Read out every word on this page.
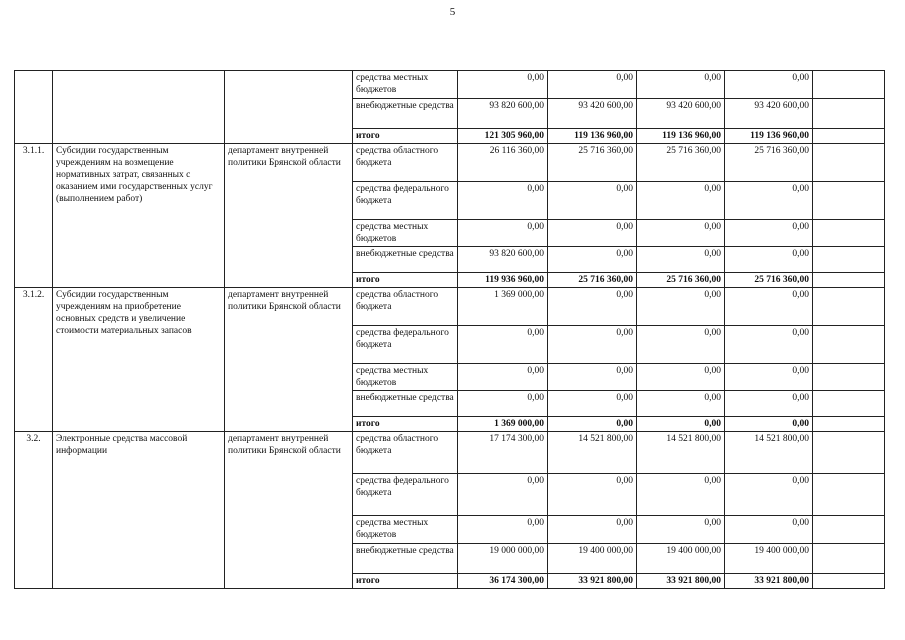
5
			средства местных бюджетов	0,00	0,00	0,00	0,00	
			внебюджетные средства	93 820 600,00	93 420 600,00	93 420 600,00	93 420 600,00	
			итого	121 305 960,00	119 136 960,00	119 136 960,00	119 136 960,00	
3.1.1.	Субсидии государственным учреждениям на возмещение нормативных затрат, связанных с оказанием ими государственных услуг (выполнением работ)	департамент внутренней политики Брянской области	средства областного бюджета	26 116 360,00	25 716 360,00	25 716 360,00	25 716 360,00	
			средства федерального бюджета	0,00	0,00	0,00	0,00	
			средства местных бюджетов	0,00	0,00	0,00	0,00	
			внебюджетные средства	93 820 600,00	0,00	0,00	0,00	
			итого	119 936 960,00	25 716 360,00	25 716 360,00	25 716 360,00	
3.1.2.	Субсидии государственным учреждениям на приобретение основных средств и увеличение стоимости материальных запасов	департамент внутренней политики Брянской области	средства областного бюджета	1 369 000,00	0,00	0,00	0,00	
			средства федерального бюджета	0,00	0,00	0,00	0,00	
			средства местных бюджетов	0,00	0,00	0,00	0,00	
			внебюджетные средства	0,00	0,00	0,00	0,00	
			итого	1 369 000,00	0,00	0,00	0,00	
3.2.	Электронные средства массовой информации	департамент внутренней политики Брянской области	средства областного бюджета	17 174 300,00	14 521 800,00	14 521 800,00	14 521 800,00	
			средства федерального бюджета	0,00	0,00	0,00	0,00	
			средства местных бюджетов	0,00	0,00	0,00	0,00	
			внебюджетные средства	19 000 000,00	19 400 000,00	19 400 000,00	19 400 000,00	
			итого	36 174 300,00	33 921 800,00	33 921 800,00	33 921 800,00	
